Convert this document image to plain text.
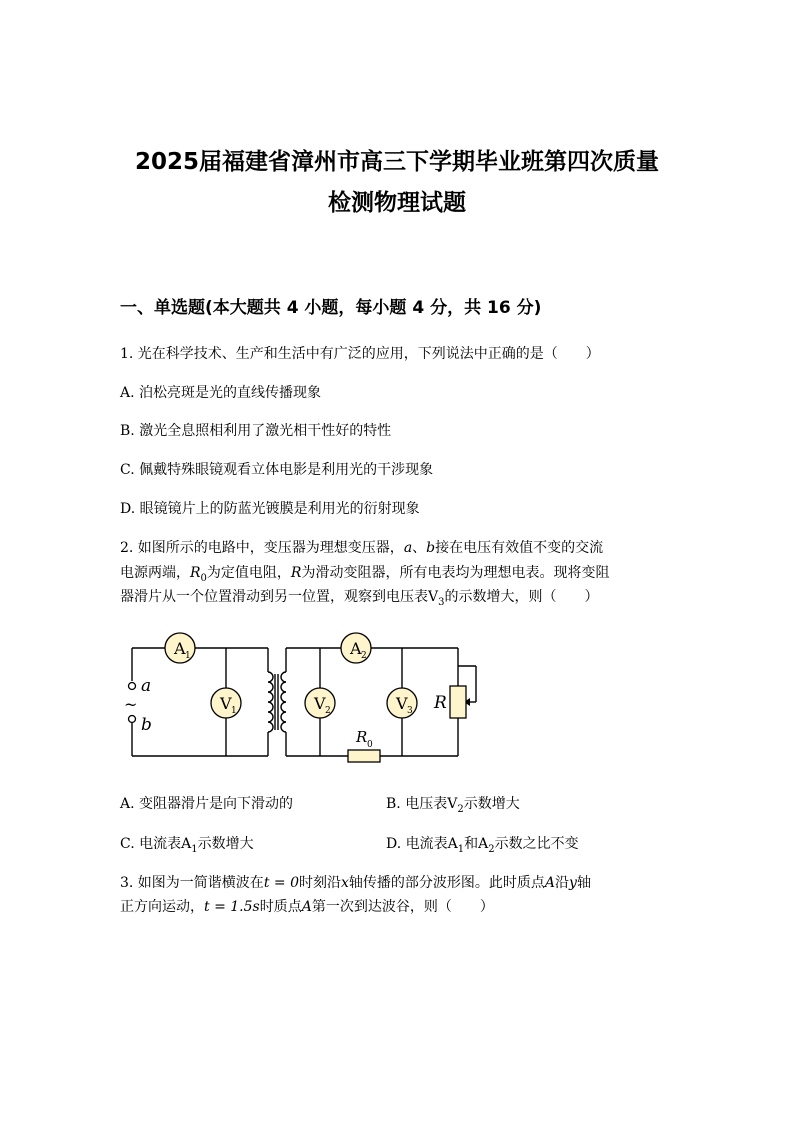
2025届福建省漳州市高三下学期毕业班第四次质量
检测物理试题
一、单选题(本大题共 4 小题，每小题 4 分，共 16 分)
1. 光在科学技术、生产和生活中有广泛的应用，下列说法中正确的是（　　）
A. 泊松亮斑是光的直线传播现象
B. 激光全息照相利用了激光相干性好的特性
C. 佩戴特殊眼镜观看立体电影是利用光的干涉现象
D. 眼镜镜片上的防蓝光镀膜是利用光的衍射现象
2. 如图所示的电路中，变压器为理想变压器，a、b接在电压有效值不变的交流
电源两端，$R_0$为定值电阻，R为滑动变阻器，所有电表均为理想电表。现将变阻
器滑片从一个位置滑动到另一位置，观察到电压表$V_3$的示数增大，则（　　）
A 1	A 2
V 1	V 2	V 3
a
b
~	R
R 0
A. 变阻器滑片是向下滑动的	B. 电压表$V_2$示数增大
C. 电流表$A_1$示数增大	D. 电流表$A_1$和$A_2$示数之比不变
3. 如图为一简谐横波在t = 0时刻沿x轴传播的部分波形图。此时质点A沿y轴
正方向运动，t = 1.5s时质点A第一次到达波谷，则（　　）
